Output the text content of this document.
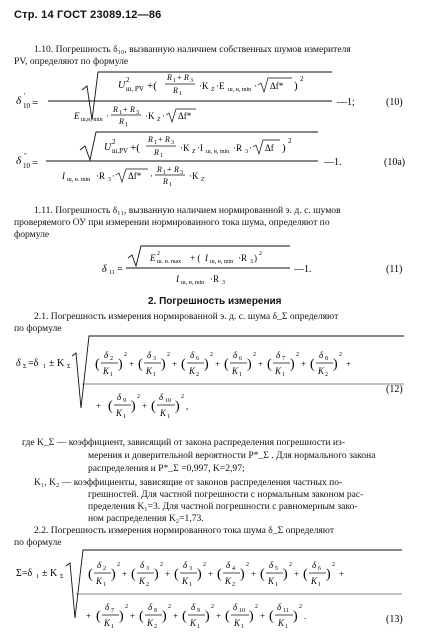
Стр. 14 ГОСТ 23089.12—86
1.10. Погрешность δ₁₀, вызванную наличием собственных шумов измерителя
PV, определяют по формуле
δ '
10 =
U 2
ш, PV +(
R 1 + R 3
R 1
·K Z ·E ш, н, min · Δf* )
2
E ш,н, min ·
R 1 + R 3
R 1
·K Z · Δf*
—1;	(10)
δ "
10 =
U 2
ш,PV +(
R 1 + R 3
R 1
·K Z ·I ш, н, min ·R 3 · Δf )
2
I ш, н. min ·R 3 · Δf* ·
R 1 + R 3
R 1
·K Z
—1.	(10a)
1.11. Погрешность δ₁₁, вызванную наличием нормированной э. д. с. шумов
проверяемого ОУ при измерении нормированного тока шума, определяют по
формуле
δ 11 =
E 2
ш. н. max + ( I ш, н, min ·R 3 ) 2
I ш, н, min ·R 3
—1.	(11)
2. Погрешность измерения
2.1. Погрешность измерения нормированной э. д. с. шума δ_Σ определяют
по формуле
δ Σ =δ 1 ± K Σ (
δ 2
K 1
)
2
+ (
δ 3
K 1
)
2
+ (
δ 6
K 2
)
2
+ (
δ 6
K 1
)
2
+ (
δ 7
K 1
)
2
+ (
δ 8
K 2
)
2
+
+ (
δ 9
K 1
)
2
+ (
δ 10
K 1
)
2
,
(12)
где K_Σ — коэффициент, зависящий от закона распределения погрешности из-
мерения и доверительной вероятности P*_Σ . Для нормального закона
распределения и P*_Σ =0,997, K=2,97;
K₁, K₂ — коэффициенты, зависящие от законов распределения частных по-
грешностей. Для частной погрешности с нормальным законом рас-
пределения K₁=3. Для частной погрешности с равномерным зако-
ном распределения K₂=1,73.
2.2. Погрешность измерения нормированного тока шума δ_Σ определяют
по формуле
Σ=δ 1 ± K Σ (
δ 2
K 1
)
2
+ (
δ 3
K 2
)
2
+ (
δ 3
K 1
)
2
+ (
δ 4
K 2
)
2
+ (
δ 5
K 1
)
2
+ (
δ 6
K 1
)
2
+
+ (
δ 7
K 1
)
2
+ (
δ 8
K 2
)
2
+ (
δ 9
K 1
)
2
+ (
δ 10
K 1
)
2
+ (
δ 11
K 1
)
2
.	(13)
